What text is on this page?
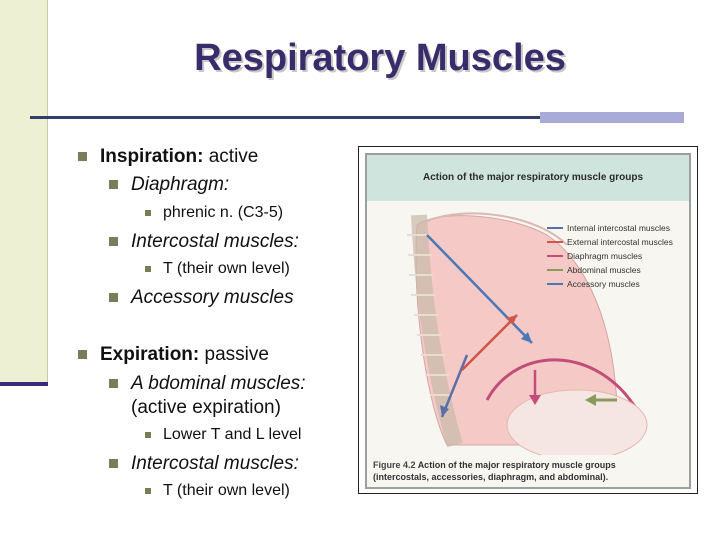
Respiratory Muscles
Inspiration: active
Diaphragm:
phrenic n. (C3-5)
Intercostal muscles:
T (their own level)
Accessory muscles
Expiration: passive
A bdominal muscles:
(active expiration)
Lower T and L level
Intercostal muscles:
T (their own level)
Action of the major respiratory muscle groups
Internal intercostal muscles
External intercostal muscles
Diaphragm muscles
Abdominal muscles
Accessory muscles
Figure 4.2 Action of the major respiratory muscle groups
(intercostals, accessories, diaphragm, and abdominal).
